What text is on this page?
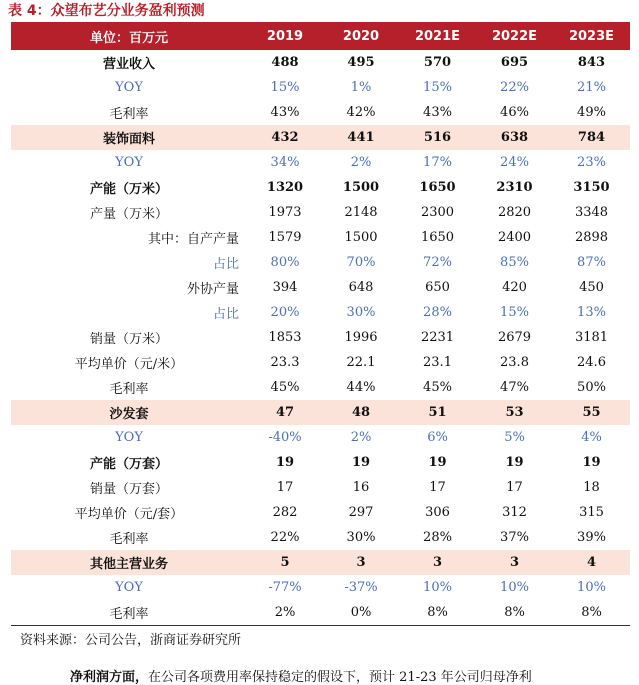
表 4：众望布艺分业务盈利预测
单位：百万元	2019	2020	2021E	2022E	2023E
营业收入	488	495	570	695	843
YOY	15%	1%	15%	22%	21%
毛利率	43%	42%	43%	46%	49%
装饰面料	432	441	516	638	784
YOY	34%	2%	17%	24%	23%
产能（万米）	1320	1500	1650	2310	3150
产量（万米）	1973	2148	2300	2820	3348
其中：自产产量	1579	1500	1650	2400	2898
占比	80%	70%	72%	85%	87%
外协产量	394	648	650	420	450
占比	20%	30%	28%	15%	13%
销量（万米）	1853	1996	2231	2679	3181
平均单价（元/米）	23.3	22.1	23.1	23.8	24.6
毛利率	45%	44%	45%	47%	50%
沙发套	47	48	51	53	55
YOY	-40%	2%	6%	5%	4%
产能（万套）	19	19	19	19	19
销量（万套）	17	16	17	17	18
平均单价（元/套）	282	297	306	312	315
毛利率	22%	30%	28%	37%	39%
其他主营业务	5	3	3	3	4
YOY	-77%	-37%	10%	10%	10%
毛利率	2%	0%	8%	8%	8%
资料来源：公司公告，浙商证券研究所
净利润方面，在公司各项费用率保持稳定的假设下，预计 21-23 年公司归母净利
